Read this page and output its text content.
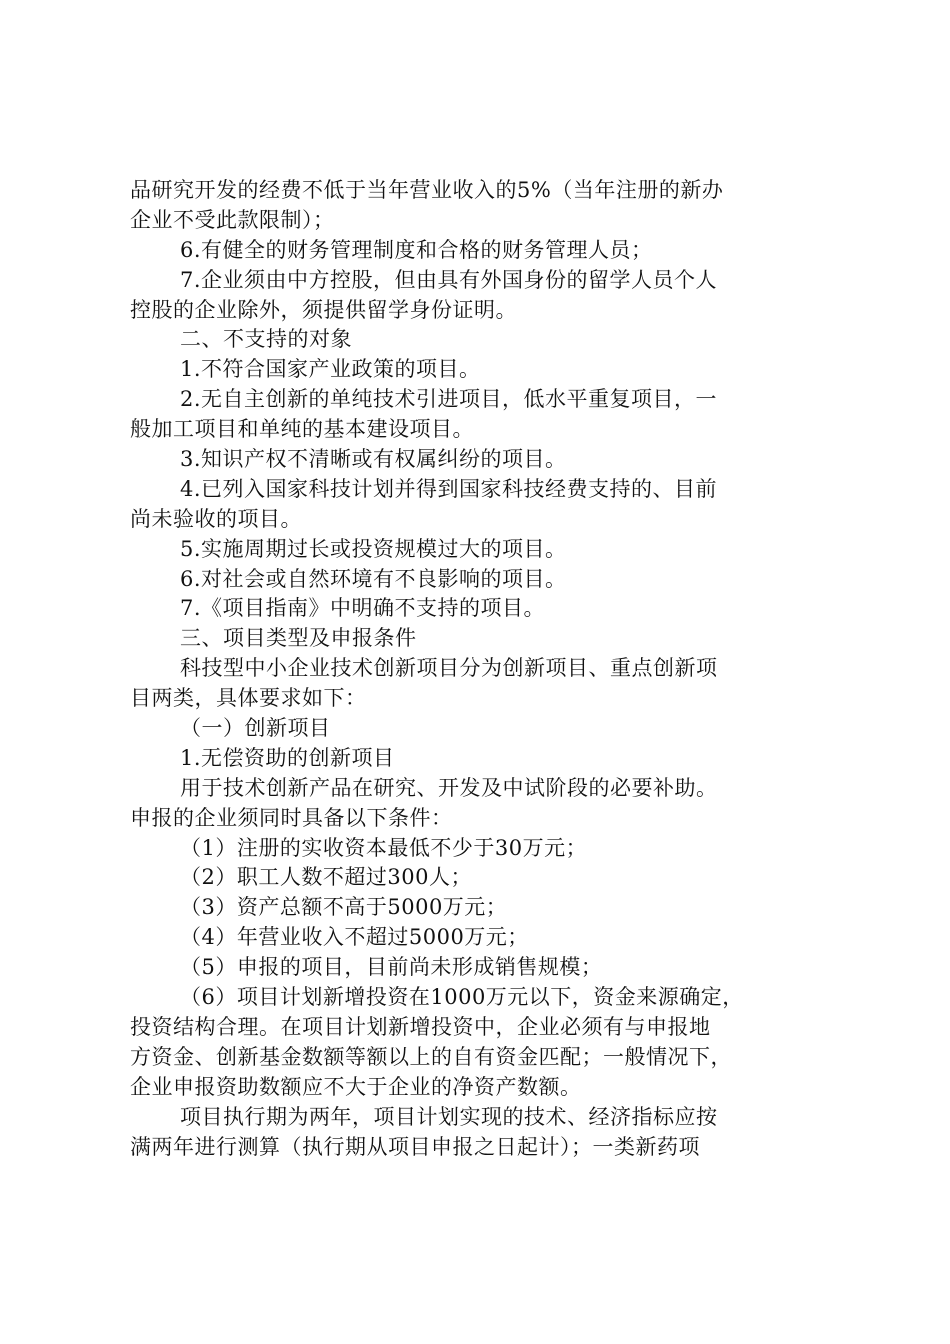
品研究开发的经费不低于当年营业收入的5%（当年注册的新办
企业不受此款限制）；
6.有健全的财务管理制度和合格的财务管理人员；
7.企业须由中方控股，但由具有外国身份的留学人员个人
控股的企业除外，须提供留学身份证明。
二、不支持的对象
1.不符合国家产业政策的项目。
2.无自主创新的单纯技术引进项目，低水平重复项目，一
般加工项目和单纯的基本建设项目。
3.知识产权不清晰或有权属纠纷的项目。
4.已列入国家科技计划并得到国家科技经费支持的、目前
尚未验收的项目。
5.实施周期过长或投资规模过大的项目。
6.对社会或自然环境有不良影响的项目。
7.《项目指南》中明确不支持的项目。
三、项目类型及申报条件
科技型中小企业技术创新项目分为创新项目、重点创新项
目两类，具体要求如下：
（一）创新项目
1.无偿资助的创新项目
用于技术创新产品在研究、开发及中试阶段的必要补助。
申报的企业须同时具备以下条件：
（1）注册的实收资本最低不少于30万元；
（2）职工人数不超过300人；
（3）资产总额不高于5000万元；
（4）年营业收入不超过5000万元；
（5）申报的项目，目前尚未形成销售规模；
（6）项目计划新增投资在1000万元以下，资金来源确定，
投资结构合理。在项目计划新增投资中，企业必须有与申报地
方资金、创新基金数额等额以上的自有资金匹配；一般情况下，
企业申报资助数额应不大于企业的净资产数额。
项目执行期为两年，项目计划实现的技术、经济指标应按
满两年进行测算（执行期从项目申报之日起计）；一类新药项
